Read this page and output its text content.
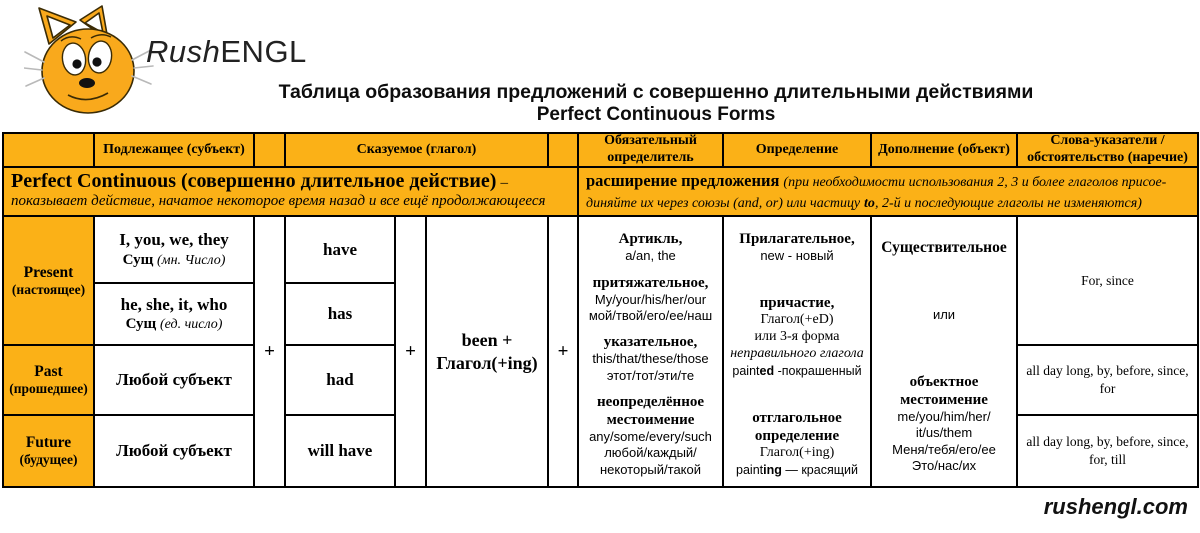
RushENGL
Таблица образования предложений с совершенно длительными действиями
Perfect Continuous Forms
Подлежащее (субъект)	Сказуемое (глагол)
Обязательный определитель
Определение	Дополнение (объект)
Слова-указатели / обстоятельство (наречие)
Perfect Continuous (совершенно длительное действие) – показывает действие, начатое некоторое время назад и все ещё продолжающееся
расширение предложения (при необходимости использования 2, 3 и более глаголов присое-диняйте их через союзы (and, or) или частицу to, 2-й и последующие глаголы не изменяются)
Present
(настоящее)
Past
(прошедшее)
Future
(будущее)
I, you, we, they
Сущ (мн. Число)
he, she, it, who
Сущ (ед. число)
Любой субъект
Любой субъект
+
have
has
had
will have
+
been + Глагол(+ing)
+
Артикль,
a/an, the
притяжательное,
My/your/his/her/our
мой/твой/его/ее/наш
указательное,
this/that/these/those
этот/тот/эти/те
неопределённое местоимение
any/some/every/such
любой/каждый/
некоторый/такой
Прилагательное,
new - новый
причастие,
Глагол(+eD)
или 3-я форма
неправильного глагола
painted -покрашенный
отглагольное определение
Глагол(+ing)
painting — красящий
Существительное
или
объектное местоимение
me/you/him/her/
it/us/them
Меня/тебя/его/ее
Это/нас/их
For, since
all day long, by, before, since, for
all day long, by, before, since, for, till
rushengl.com
